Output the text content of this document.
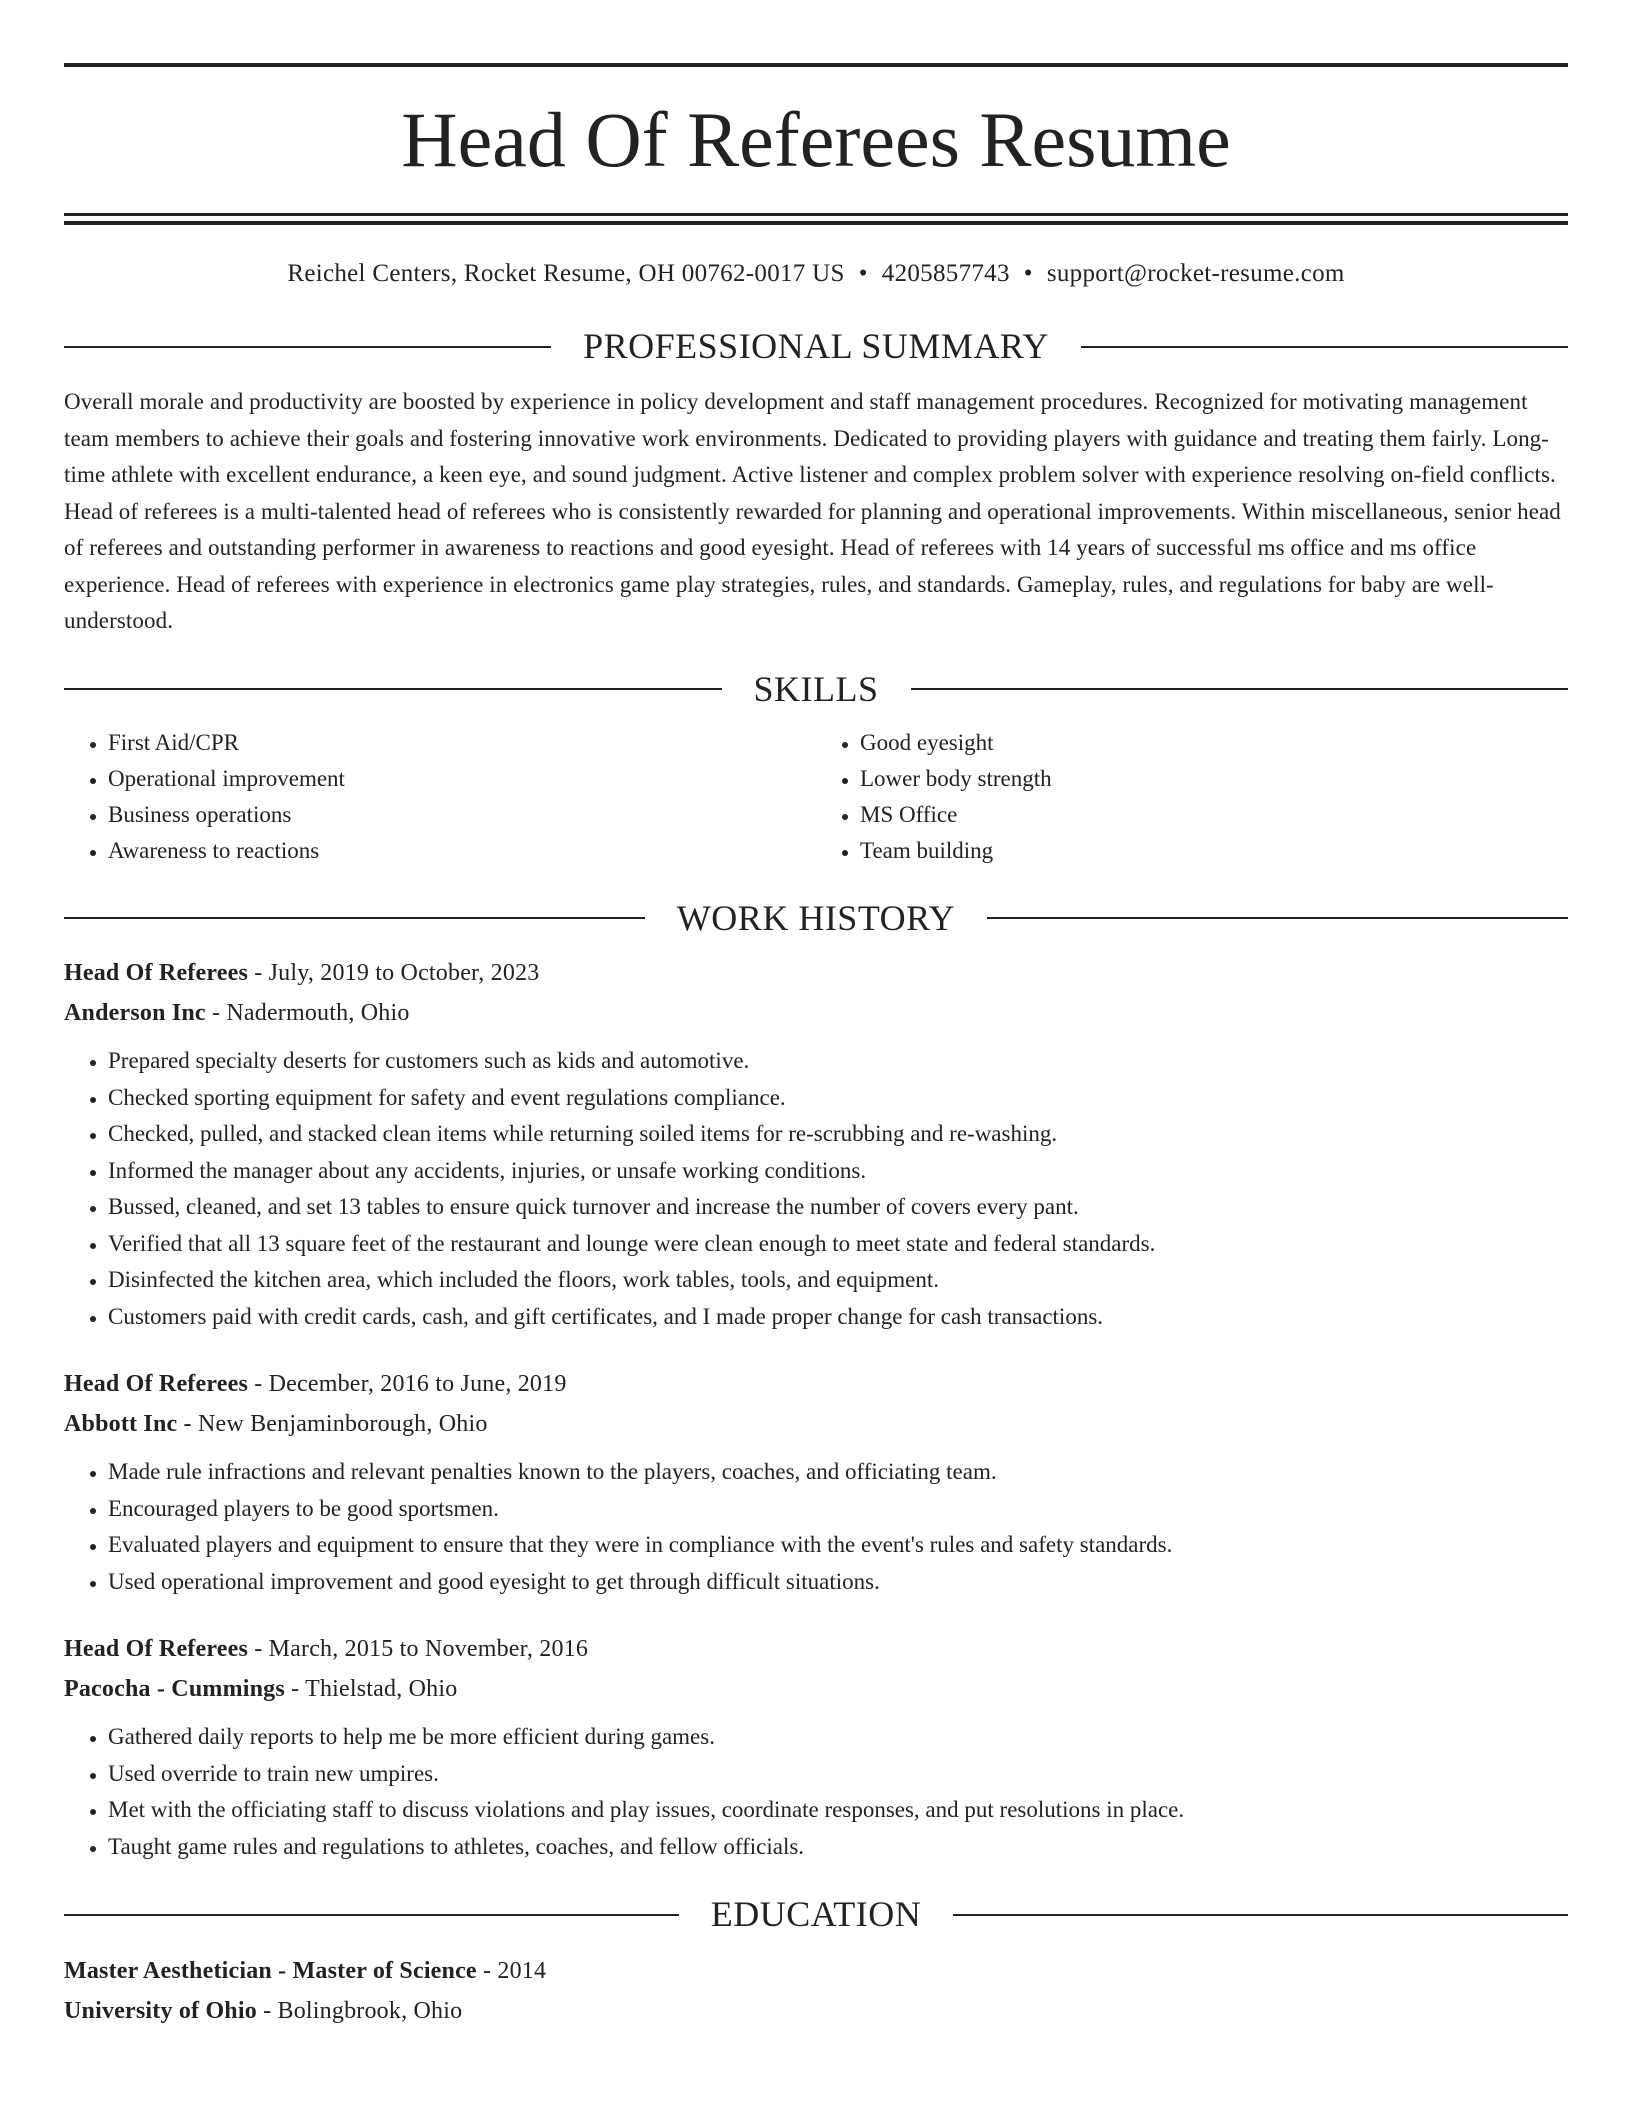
Head Of Referees Resume
Reichel Centers, Rocket Resume, OH 00762-0017 US • 4205857743 • support@rocket-resume.com
PROFESSIONAL SUMMARY
Overall morale and productivity are boosted by experience in policy development and staff management procedures. Recognized for motivating management team members to achieve their goals and fostering innovative work environments. Dedicated to providing players with guidance and treating them fairly. Long-time athlete with excellent endurance, a keen eye, and sound judgment. Active listener and complex problem solver with experience resolving on-field conflicts. Head of referees is a multi-talented head of referees who is consistently rewarded for planning and operational improvements. Within miscellaneous, senior head of referees and outstanding performer in awareness to reactions and good eyesight. Head of referees with 14 years of successful ms office and ms office experience. Head of referees with experience in electronics game play strategies, rules, and standards. Gameplay, rules, and regulations for baby are well-understood.
SKILLS
• First Aid/CPR
• Operational improvement
• Business operations
• Awareness to reactions
• Good eyesight
• Lower body strength
• MS Office
• Team building
WORK HISTORY
Head Of Referees - July, 2019 to October, 2023
Anderson Inc - Nadermouth, Ohio
• Prepared specialty deserts for customers such as kids and automotive.
• Checked sporting equipment for safety and event regulations compliance.
• Checked, pulled, and stacked clean items while returning soiled items for re-scrubbing and re-washing.
• Informed the manager about any accidents, injuries, or unsafe working conditions.
• Bussed, cleaned, and set 13 tables to ensure quick turnover and increase the number of covers every pant.
• Verified that all 13 square feet of the restaurant and lounge were clean enough to meet state and federal standards.
• Disinfected the kitchen area, which included the floors, work tables, tools, and equipment.
• Customers paid with credit cards, cash, and gift certificates, and I made proper change for cash transactions.
Head Of Referees - December, 2016 to June, 2019
Abbott Inc - New Benjaminborough, Ohio
• Made rule infractions and relevant penalties known to the players, coaches, and officiating team.
• Encouraged players to be good sportsmen.
• Evaluated players and equipment to ensure that they were in compliance with the event's rules and safety standards.
• Used operational improvement and good eyesight to get through difficult situations.
Head Of Referees - March, 2015 to November, 2016
Pacocha - Cummings - Thielstad, Ohio
• Gathered daily reports to help me be more efficient during games.
• Used override to train new umpires.
• Met with the officiating staff to discuss violations and play issues, coordinate responses, and put resolutions in place.
• Taught game rules and regulations to athletes, coaches, and fellow officials.
EDUCATION
Master Aesthetician - Master of Science - 2014
University of Ohio - Bolingbrook, Ohio
